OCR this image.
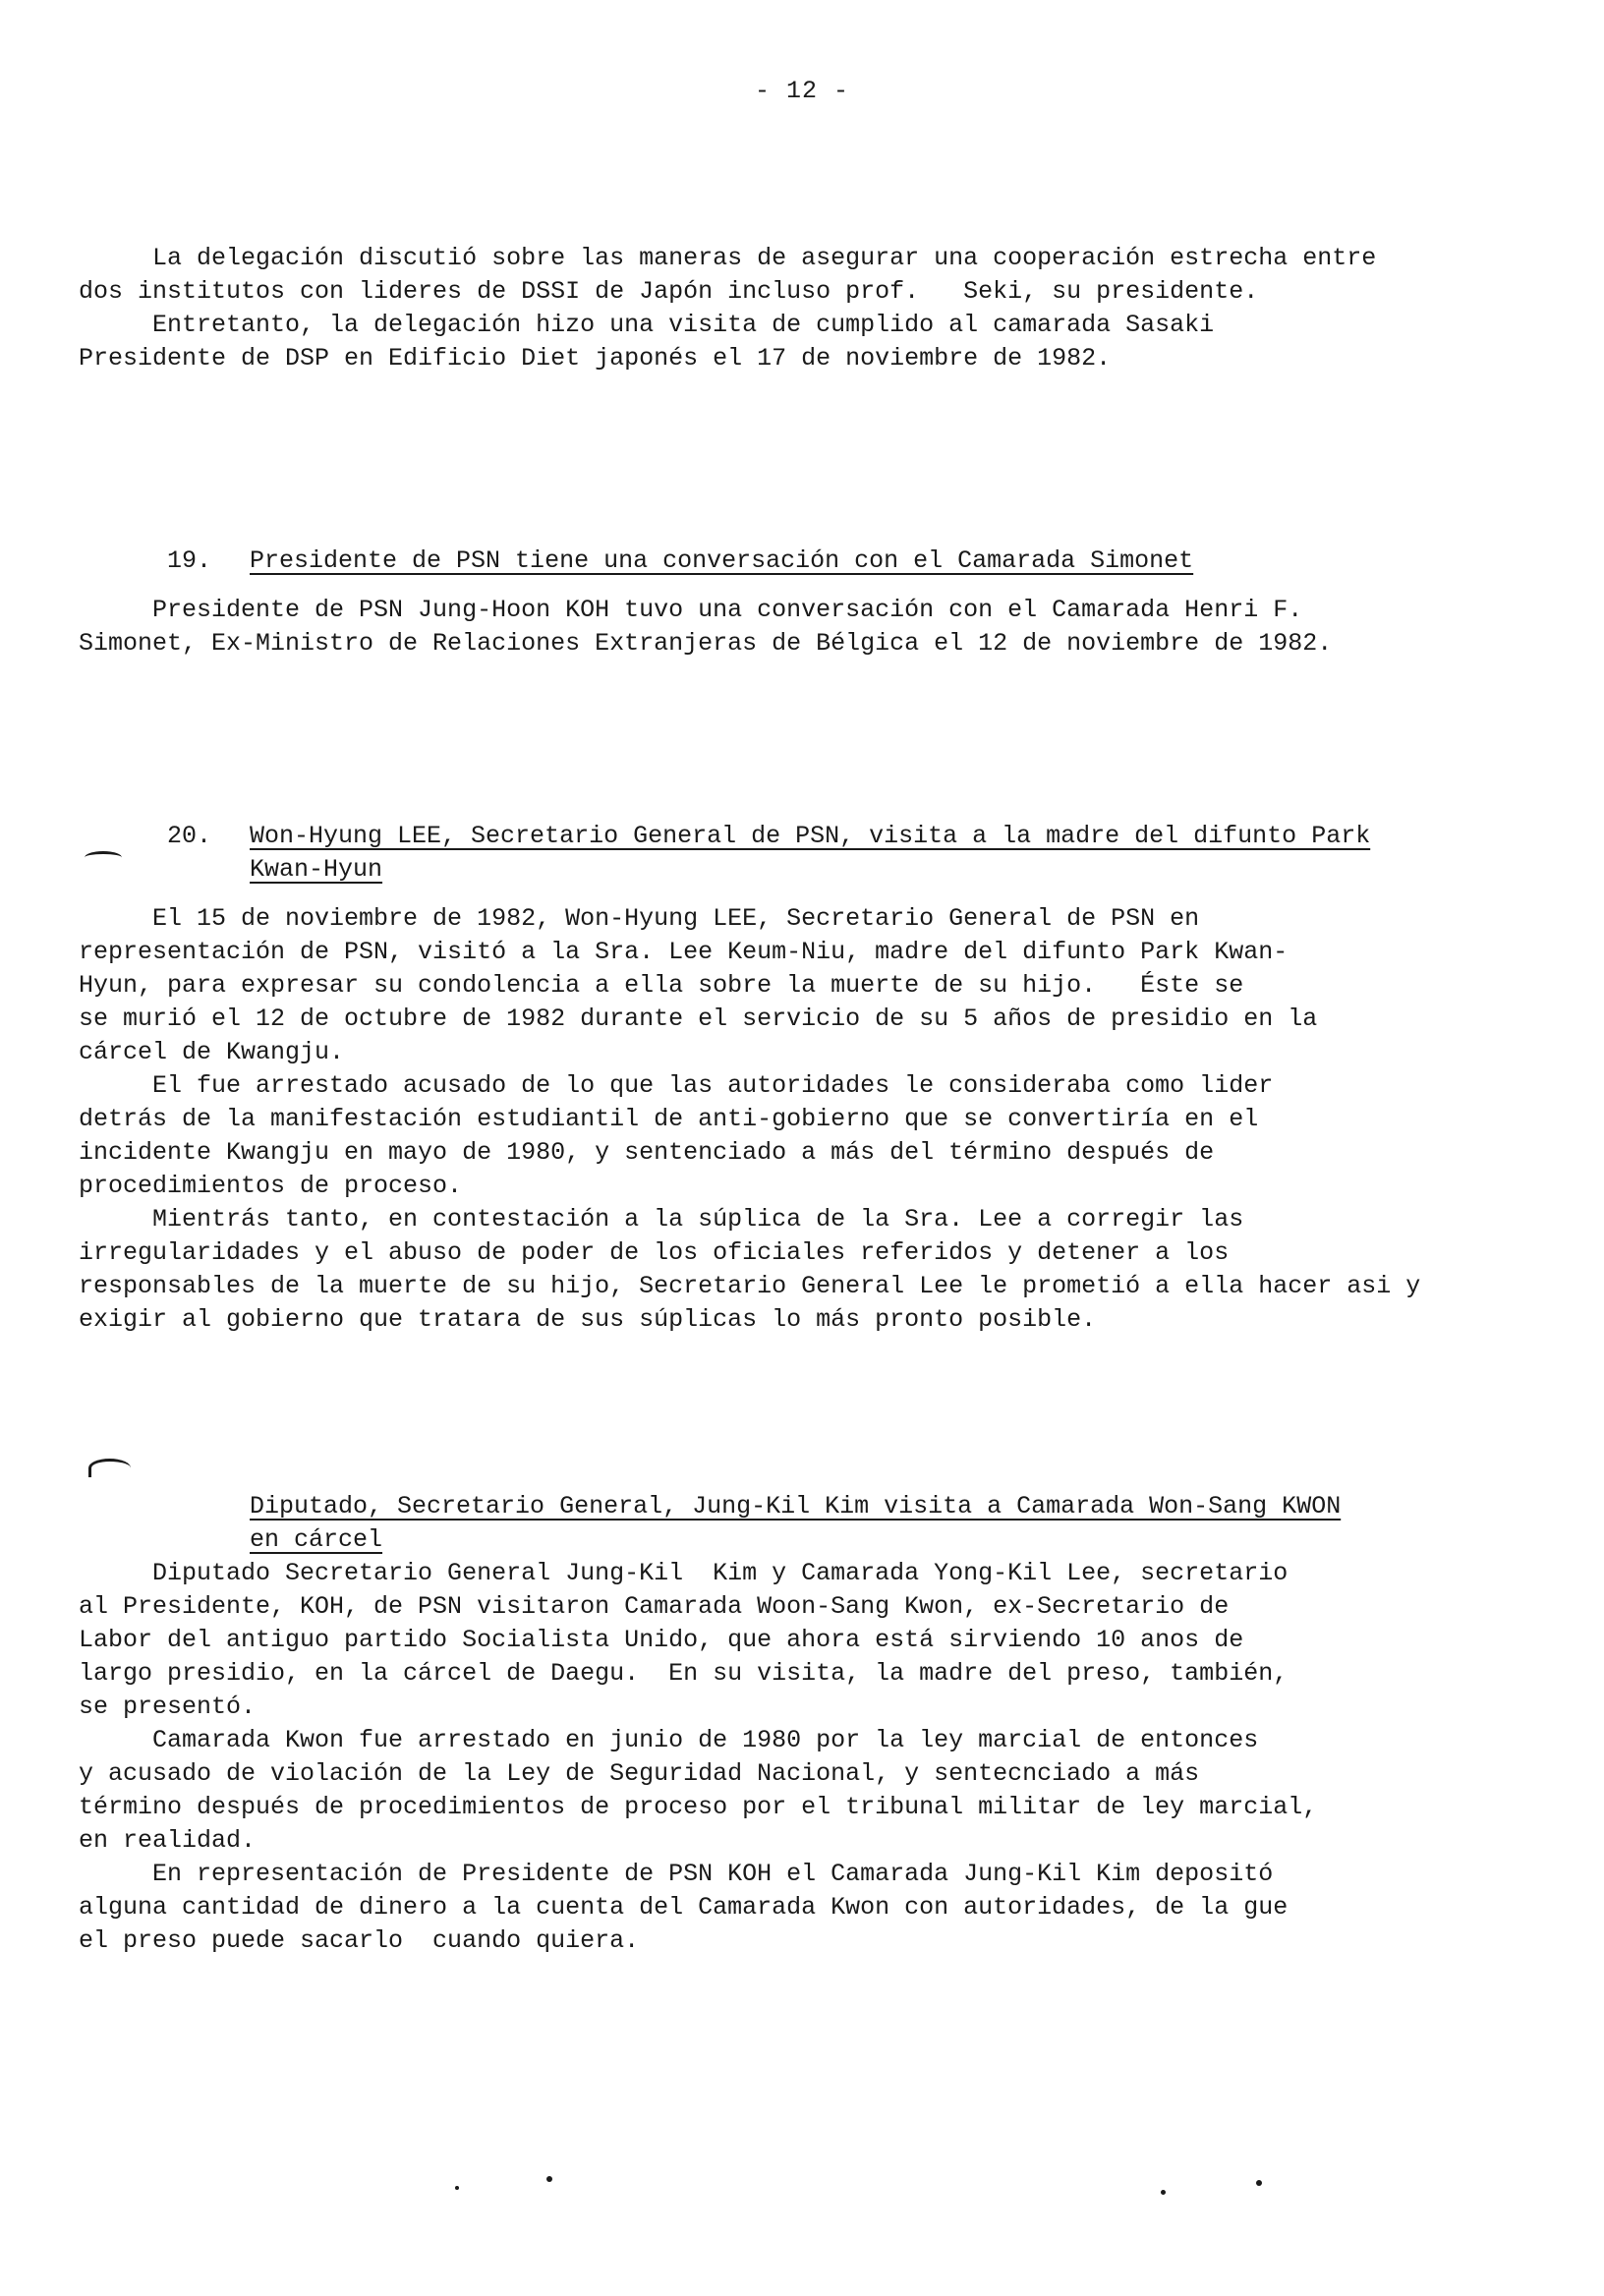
- 12 -
La delegación discutió sobre las maneras de asegurar una cooperación estrecha entre
dos institutos con lideres de DSSI de Japón incluso prof.   Seki, su presidente.
Entretanto, la delegación hizo una visita de cumplido al camarada Sasaki
Presidente de DSP en Edificio Diet japonés el 17 de noviembre de 1982.

19. Presidente de PSN tiene una conversación con el Camarada Simonet

Presidente de PSN Jung-Hoon KOH tuvo una conversación con el Camarada Henri F.
Simonet, Ex-Ministro de Relaciones Extranjeras de Bélgica el 12 de noviembre de 1982.

20. Won-Hyung LEE, Secretario General de PSN, visita a la madre del difunto Park

Kwan-Hyun

El 15 de noviembre de 1982, Won-Hyung LEE, Secretario General de PSN en
representación de PSN, visitó a la Sra. Lee Keum-Niu, madre del difunto Park Kwan-
Hyun, para expresar su condolencia a ella sobre la muerte de su hijo.   Éste se
se murió el 12 de octubre de 1982 durante el servicio de su 5 años de presidio en la
cárcel de Kwangju.
El fue arrestado acusado de lo que las autoridades le consideraba como lider
detrás de la manifestación estudiantil de anti-gobierno que se convertiría en el
incidente Kwangju en mayo de 1980, y sentenciado a más del término después de
procedimientos de proceso.
Mientrás tanto, en contestación a la súplica de la Sra. Lee a corregir las
irregularidades y el abuso de poder de los oficiales referidos y detener a los
responsables de la muerte de su hijo, Secretario General Lee le prometió a ella hacer asi y
exigir al gobierno que tratara de sus súplicas lo más pronto posible.

Diputado, Secretario General, Jung-Kil Kim visita a Camarada Won-Sang KWON

en cárcel

Diputado Secretario General Jung-Kil  Kim y Camarada Yong-Kil Lee, secretario
al Presidente, KOH, de PSN visitaron Camarada Woon-Sang Kwon, ex-Secretario de
Labor del antiguo partido Socialista Unido, que ahora está sirviendo 10 anos de
largo presidio, en la cárcel de Daegu.  En su visita, la madre del preso, también,
se presentó.
Camarada Kwon fue arrestado en junio de 1980 por la ley marcial de entonces
y acusado de violación de la Ley de Seguridad Nacional, y sentecnciado a más
término después de procedimientos de proceso por el tribunal militar de ley marcial,
en realidad.
En representación de Presidente de PSN KOH el Camarada Jung-Kil Kim depositó
alguna cantidad de dinero a la cuenta del Camarada Kwon con autoridades, de la gue
el preso puede sacarlo  cuando quiera.
